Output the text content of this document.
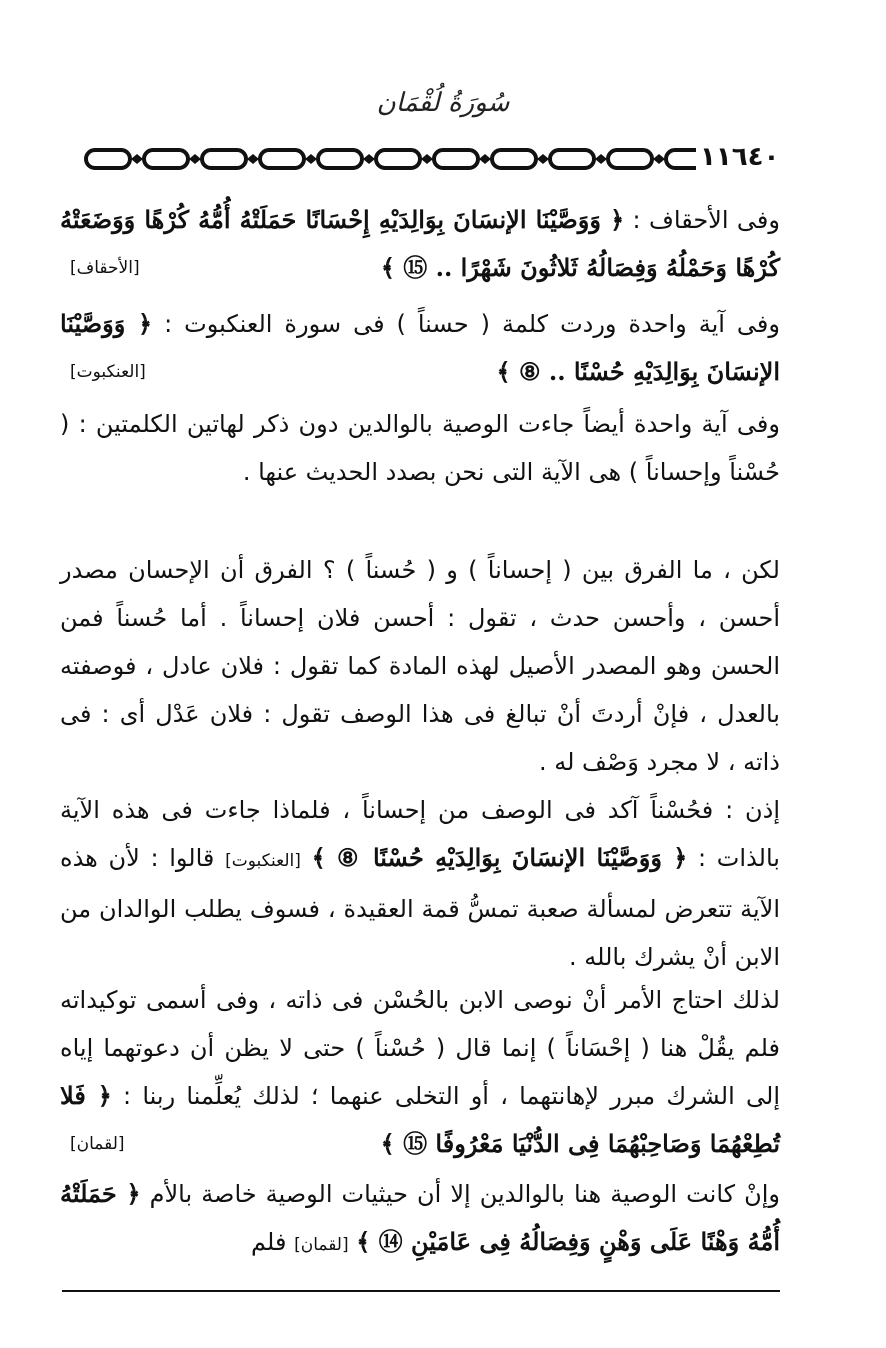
سُورَةُ لُقْمَان
١١٦٤٠

وفى الأحقاف : ﴿ وَوَصَّيْنَا الإنسَانَ بِوَالِدَيْهِ إِحْسَانًا حَمَلَتْهُ أُمُّهُ كُرْهًا وَوَضَعَتْهُ كُرْهًا وَحَمْلُهُ وَفِصَالُهُ ثَلاثُونَ شَهْرًا .. ⑮ ﴾
[الأحقاف]

وفى آية واحدة وردت كلمة ( حسناً ) فى سورة العنكبوت : ﴿ وَوَصَّيْنَا الإنسَانَ بِوَالِدَيْهِ حُسْنًا .. ⑧ ﴾
[العنكبوت]

وفى آية واحدة أيضاً جاءت الوصية بالوالدين دون ذكر لهاتين الكلمتين : ( حُسْناً وإحساناً ) هى الآية التى نحن بصدد الحديث عنها .

لكن ، ما الفرق بين ( إحساناً ) و ( حُسناً ) ؟ الفرق أن الإحسان مصدر أحسن ، وأحسن حدث ، تقول : أحسن فلان إحساناً . أما حُسناً فمن الحسن وهو المصدر الأصيل لهذه المادة كما تقول : فلان عادل ، فوصفته بالعدل ، فإنْ أردتَ أنْ تبالغ فى هذا الوصف تقول : فلان عَدْل أى : فى ذاته ، لا مجرد وَصْف له .

إذن : فحُسْناً آكد فى الوصف من إحساناً ، فلماذا جاءت فى هذه الآية بالذات : ﴿ وَوَصَّيْنَا الإنسَانَ بِوَالِدَيْهِ حُسْنًا ⑧ ﴾ [العنكبوت] قالوا : لأن هذه الآية تتعرض لمسألة صعبة تمسُّ قمة العقيدة ، فسوف يطلب الوالدان من الابن أنْ يشرك بالله .

لذلك احتاج الأمر أنْ نوصى الابن بالحُسْن فى ذاته ، وفى أسمى توكيداته فلم يقُلْ هنا ( إحْسَاناً ) إنما قال ( حُسْناً ) حتى لا يظن أن دعوتهما إياه إلى الشرك مبرر لإهانتهما ، أو التخلى عنهما ؛ لذلك يُعلِّمنا ربنا : ﴿ فَلا تُطِعْهُمَا وَصَاحِبْهُمَا فِى الدُّنْيَا مَعْرُوفًا ⑮ ﴾
[لقمان]

وإنْ كانت الوصية هنا بالوالدين إلا أن حيثيات الوصية خاصة بالأم ﴿ حَمَلَتْهُ أُمُّهُ وَهْنًا عَلَى وَهْنٍ وَفِصَالُهُ فِى عَامَيْنِ ⑭ ﴾ [لقمان] فلم
